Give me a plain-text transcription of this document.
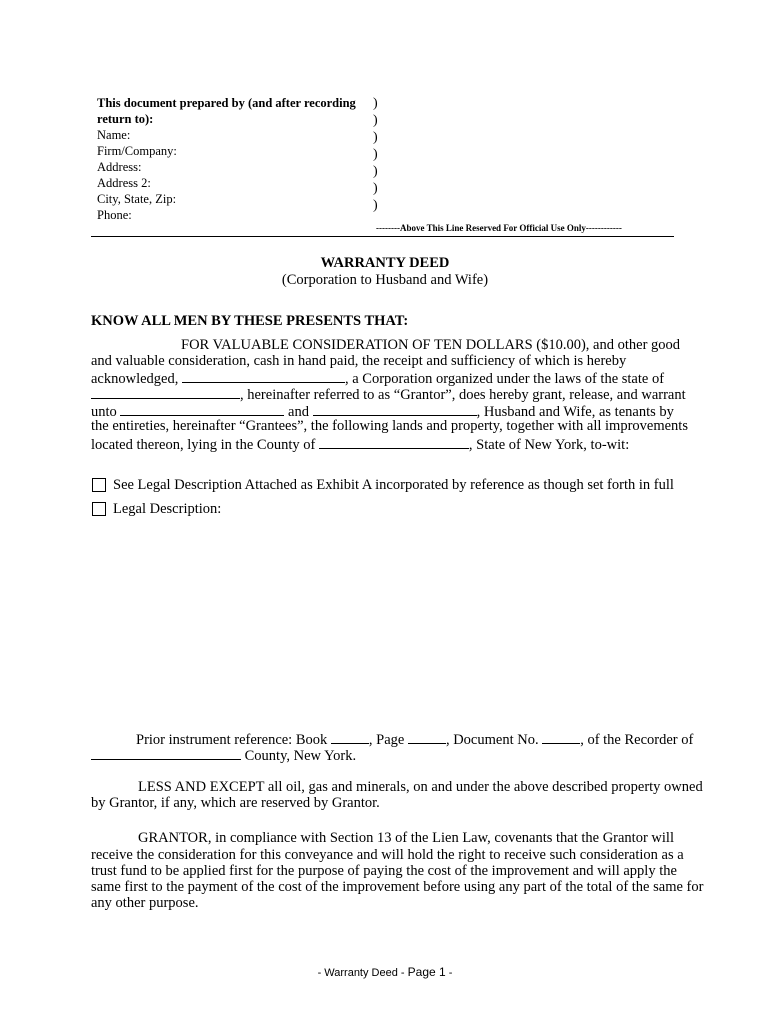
This document prepared by (and after recording
return to):
Name:
Firm/Company:
Address:
Address 2:
City, State, Zip:
Phone:
)
)
)
)
)
)
)
--------Above This Line Reserved For Official Use Only------------
WARRANTY DEED
(Corporation to Husband and Wife)
KNOW ALL MEN BY THESE PRESENTS THAT:
FOR VALUABLE CONSIDERATION OF TEN DOLLARS ($10.00), and other good
and valuable consideration, cash in hand paid, the receipt and sufficiency of which is hereby
acknowledged,	, a Corporation organized under the laws of the state of
, hereinafter referred to as “Grantor”, does hereby grant, release, and warrant
unto	and	, Husband and Wife, as tenants by
the entireties, hereinafter “Grantees”, the following lands and property, together with all improvements
located thereon, lying in the County of	, State of New York, to-wit:
See Legal Description Attached as Exhibit A incorporated by reference as though set forth in full
Legal Description:
Prior instrument reference: Book	, Page	, Document No.	, of the Recorder of
County, New York.
LESS AND EXCEPT all oil, gas and minerals, on and under the above described property owned
by Grantor, if any, which are reserved by Grantor.
GRANTOR, in compliance with Section 13 of the Lien Law, covenants that the Grantor will
receive the consideration for this conveyance and will hold the right to receive such consideration as a
trust fund to be applied first for the purpose of paying the cost of the improvement and will apply the
same first to the payment of the cost of the improvement before using any part of the total of the same for
any other purpose.
- Warranty Deed - Page 1 -
